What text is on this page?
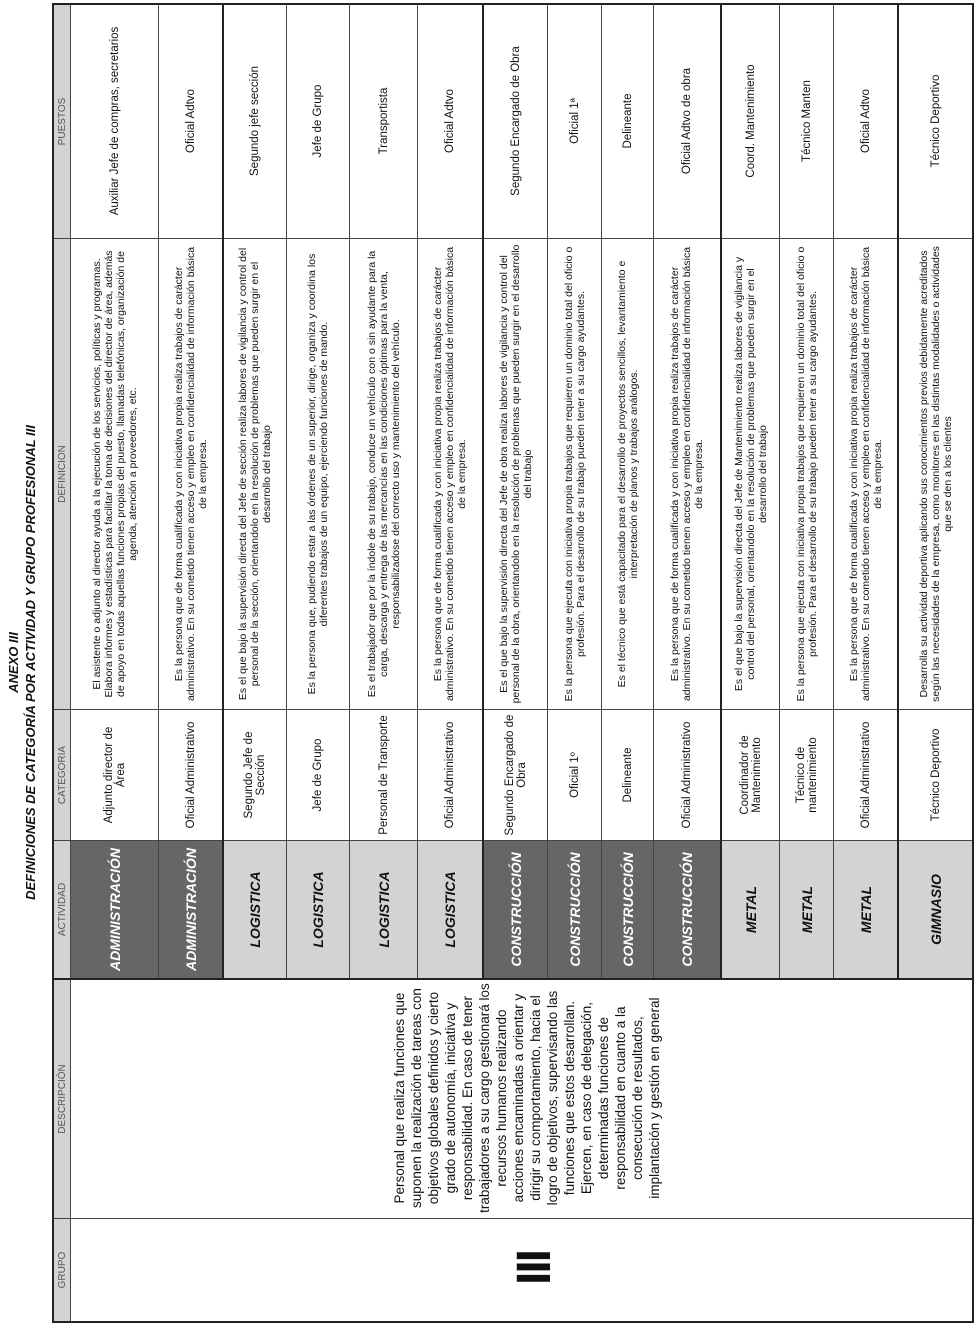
ANEXO III DEFINICIONES DE CATEGORÍA POR ACTIVIDAD Y GRUPO PROFESIONAL III
GRUPO
DESCRIPCIÓN
ACTIVIDAD
CATEGORIA
DEFINICION
PUESTOS
III
Personal que realiza funciones que suponen la realización de tareas con objetivos globales definidos y cierto grado de autonomía, iniciativa y responsabilidad. En caso de tener trabajadores a su cargo gestionará los recursos humanos realizando acciones encaminadas a orientar y dirigir su comportamiento, hacia el logro de objetivos, supervisando las funciones que estos desarrollan. Ejercen, en caso de delegación, determinadas funciones de responsabilidad en cuanto a la consecución de resultados, implantación y gestión en general
ADMINISTRACIÓN
Adjunto director de Área
El asistente o adjunto al director ayuda a la ejecución de los servicios, políticas y programas. Elabora informes y estadísticas para facilitar la toma de decisiones del director de área, además de apoyo en todas aquellas funciones propias del puesto, llamadas telefónicas, organización de agenda, atención a proveedores, etc.
Auxiliar Jefe de compras, secretarios
ADMINISTRACIÓN
Oficial Administrativo
Es la persona que de forma cualificada y con iniciativa propia realiza trabajos de carácter administrativo. En su cometido tienen acceso y empleo en confidencialidad de información básica de la empresa.
Oficial Adtvo
LOGISTICA
Segundo Jefe de Sección
Es el que bajo la supervisión directa del Jefe de sección realiza labores de vigilancia y control del personal de la sección, orientandolo en la resolución de problemas que pueden surgir en el desarrollo del trabajo
Segundo jefe sección
LOGISTICA
Jefe de Grupo
Es la persona que, pudiendo estar a las órdenes de un superior, dirige, organiza y coordina los diferentes trabajos de un equipo, ejerciendo funciones de mando.
Jefe de Grupo
LOGISTICA
Personal de Transporte
Es el trabajador que por la índole de su trabajo, conduce un vehículo con o sin ayudante para la carga, descarga y entrega de las mercancías en las condiciones óptimas para la venta, responsabilizadose del correcto uso y mantenimiento del vehículo.
Transportista
LOGISTICA
Oficial Administrativo
Es la persona que de forma cualificada y con iniciativa propia realiza trabajos de carácter administrativo. En su cometido tienen acceso y empleo en confidencialidad de información básica de la empresa.
Oficial Adtvo
CONSTRUCCIÓN
Segundo Encargado de Obra
Es el que bajo la supervisión directa del Jefe de obra realiza labores de vigilancia y control del personal de la obra, orientandolo en la resolución de problemas que pueden surgir en el desarrollo del trabajo
Segundo Encargado de Obra
CONSTRUCCIÓN
Oficial 1º
Es la persona que ejecuta con iniciativa propia trabajos que requieren un dominio total del oficio o profesión. Para el desarrollo de su trabajo pueden tener a su cargo ayudantes.
Oficial 1ª
CONSTRUCCIÓN
Delineante
Es el técnico que está capacitado para el desarrollo de proyectos sencillos, levantamiento e interpretación de planos y trabajos análogos.
Delineante
CONSTRUCCIÓN
Oficial Administrativo
Es la persona que de forma cualificada y con iniciativa propia realiza trabajos de carácter administrativo. En su cometido tienen acceso y empleo en confidencialidad de información básica de la empresa.
Oficial Adtvo de obra
METAL
Coordinador de Mantenimiento
Es el que bajo la supervisión directa del Jefe de Mantenimiento realiza labores de vigilancia y control del personal, orientandolo en la resolución de problemas que pueden surgir en el desarrollo del trabajo
Coord. Mantenimiento
METAL
Técnico de mantenimiento
Es la persona que ejecuta con iniciativa propia trabajos que requieren un dominio total del oficio o profesión. Para el desarrollo de su trabajo pueden tener a su cargo ayudantes.
Técnico Manten
METAL
Oficial Administrativo
Es la persona que de forma cualificada y con iniciativa propia realiza trabajos de carácter administrativo. En su cometido tienen acceso y empleo en confidencialidad de información básica de la empresa.
Oficial Adtvo
GIMNASIO
Técnico Deportivo
Desarrolla su actividad deportiva aplicando sus conocimientos previos debidamente acreditados según las necesidades de la empresa, como monitores en las distintas modalidades o actividades que se den a los clientes
Técnico Deportivo
